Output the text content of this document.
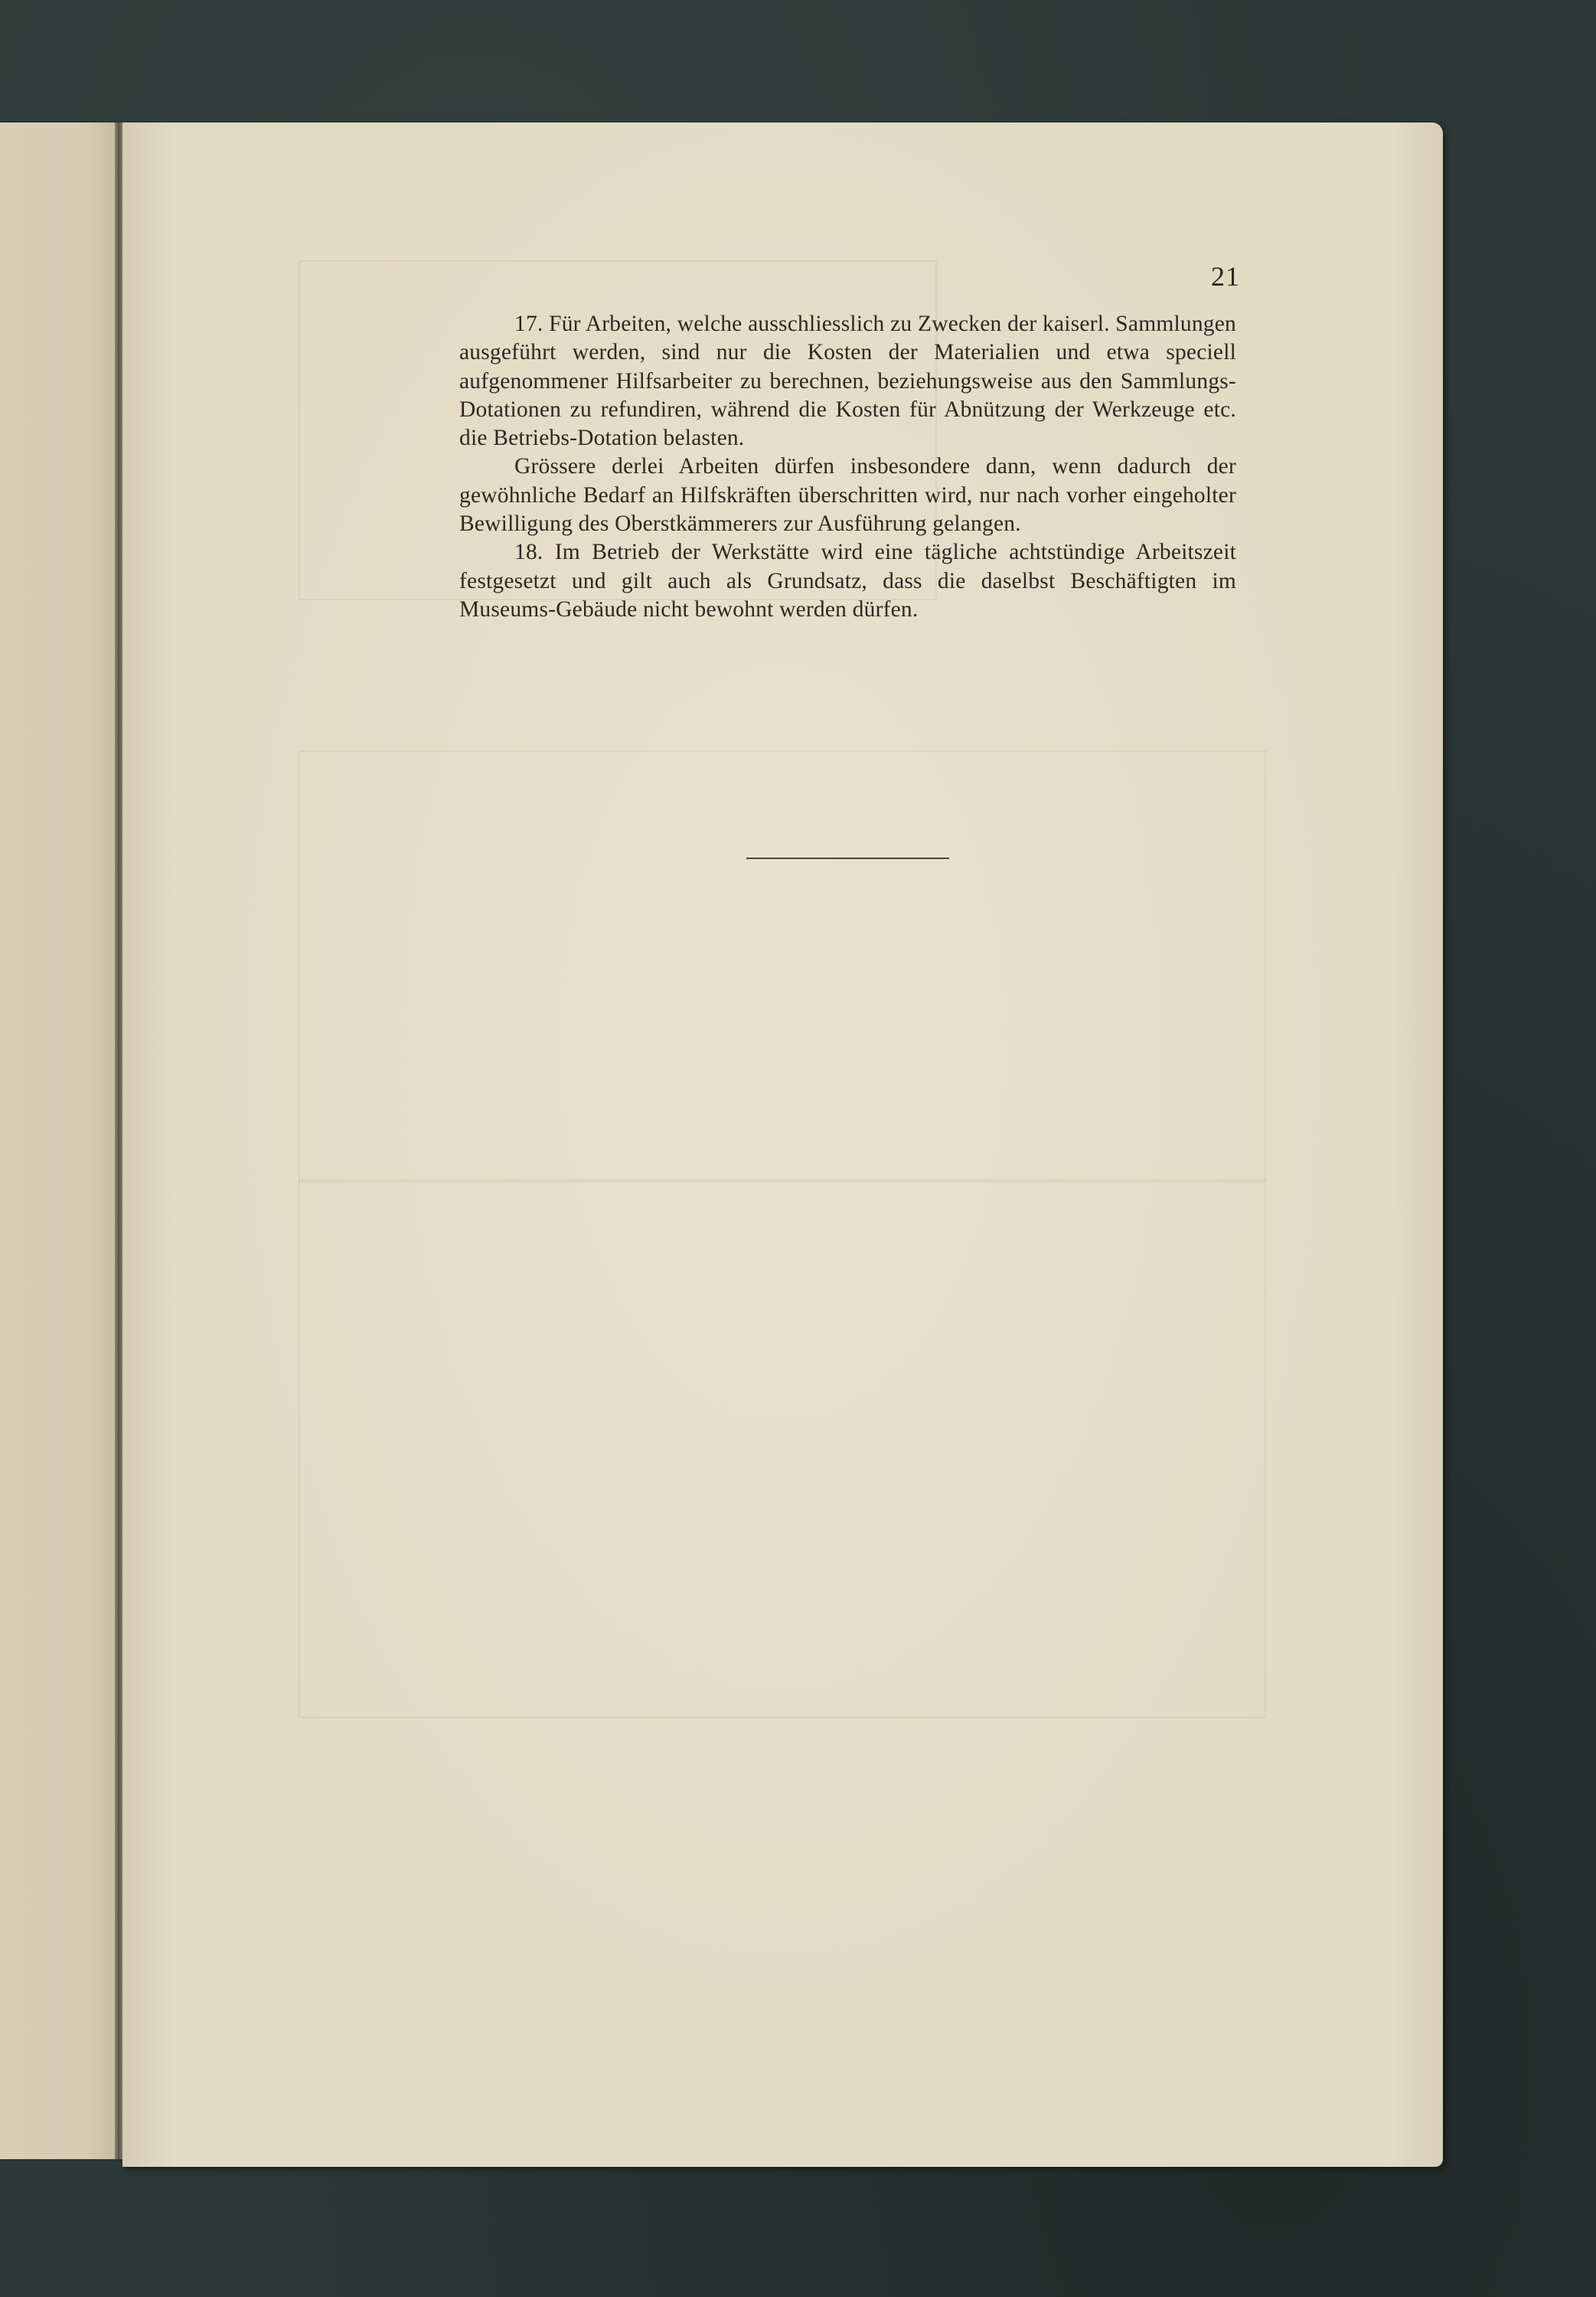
21

17. Für Arbeiten, welche ausschliesslich zu Zwecken der kaiserl. Sammlungen ausgeführt werden, sind nur die Kosten der Materialien und etwa speciell aufgenommener Hilfsarbeiter zu berechnen, beziehungsweise aus den Sammlungs-Dotationen zu refundiren, während die Kosten für Abnützung der Werkzeuge etc. die Betriebs-Dotation belasten.

Grössere derlei Arbeiten dürfen insbesondere dann, wenn dadurch der gewöhnliche Bedarf an Hilfskräften überschritten wird, nur nach vorher eingeholter Bewilligung des Oberstkämmerers zur Ausführung gelangen.

18. Im Betrieb der Werkstätte wird eine tägliche achtstündige Arbeitszeit festgesetzt und gilt auch als Grundsatz, dass die daselbst Beschäftigten im Museums-Gebäude nicht bewohnt werden dürfen.
